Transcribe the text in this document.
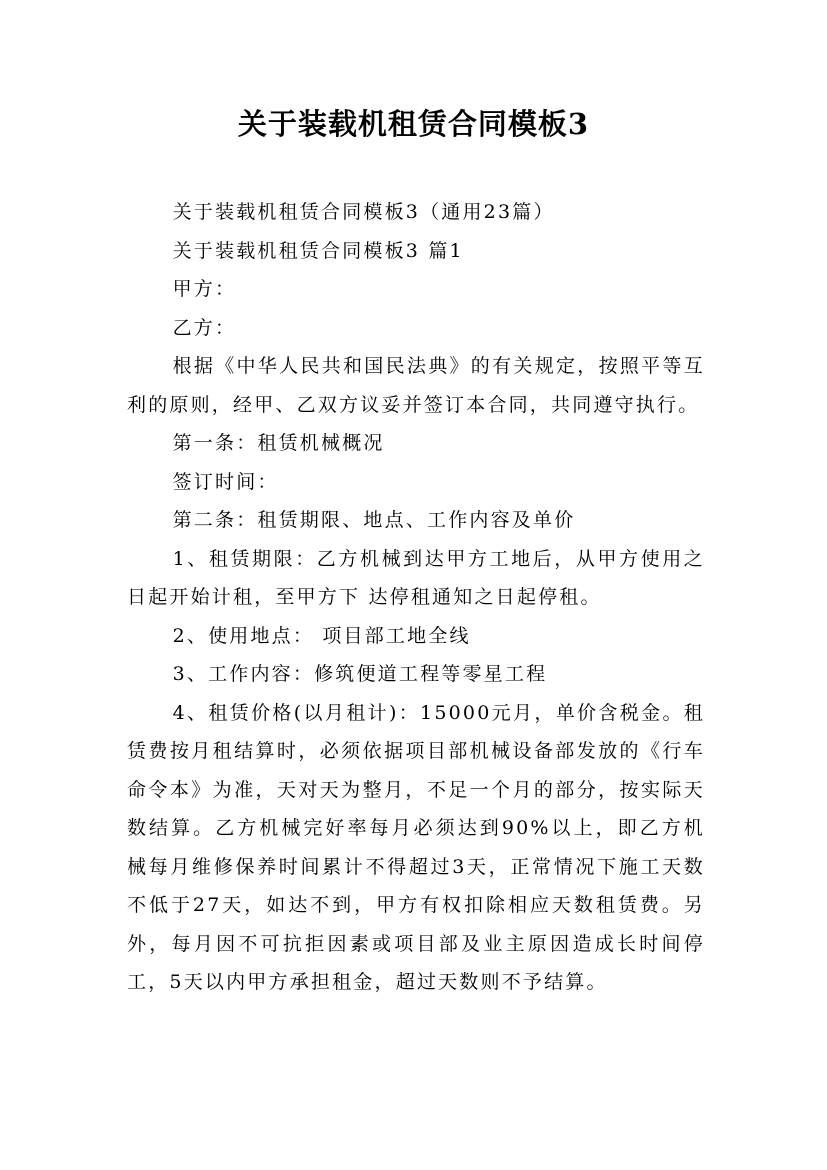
关于装载机租赁合同模板3

关于装载机租赁合同模板3（通用23篇）

关于装载机租赁合同模板3 篇1

甲方：

乙方：

根据《中华人民共和国民法典》的有关规定，按照平等互利的原则，经甲、乙双方议妥并签订本合同，共同遵守执行。

第一条：租赁机械概况

签订时间：

第二条：租赁期限、地点、工作内容及单价

1、租赁期限：乙方机械到达甲方工地后，从甲方使用之日起开始计租，至甲方下 达停租通知之日起停租。

2、使用地点： 项目部工地全线

3、工作内容：修筑便道工程等零星工程

4、租赁价格(以月租计)：15000元月，单价含税金。租赁费按月租结算时，必须依据项目部机械设备部发放的《行车命令本》为准，天对天为整月，不足一个月的部分，按实际天数结算。乙方机械完好率每月必须达到90%以上，即乙方机械每月维修保养时间累计不得超过3天，正常情况下施工天数不低于27天，如达不到，甲方有权扣除相应天数租赁费。另外，每月因不可抗拒因素或项目部及业主原因造成长时间停工，5天以内甲方承担租金，超过天数则不予结算。
